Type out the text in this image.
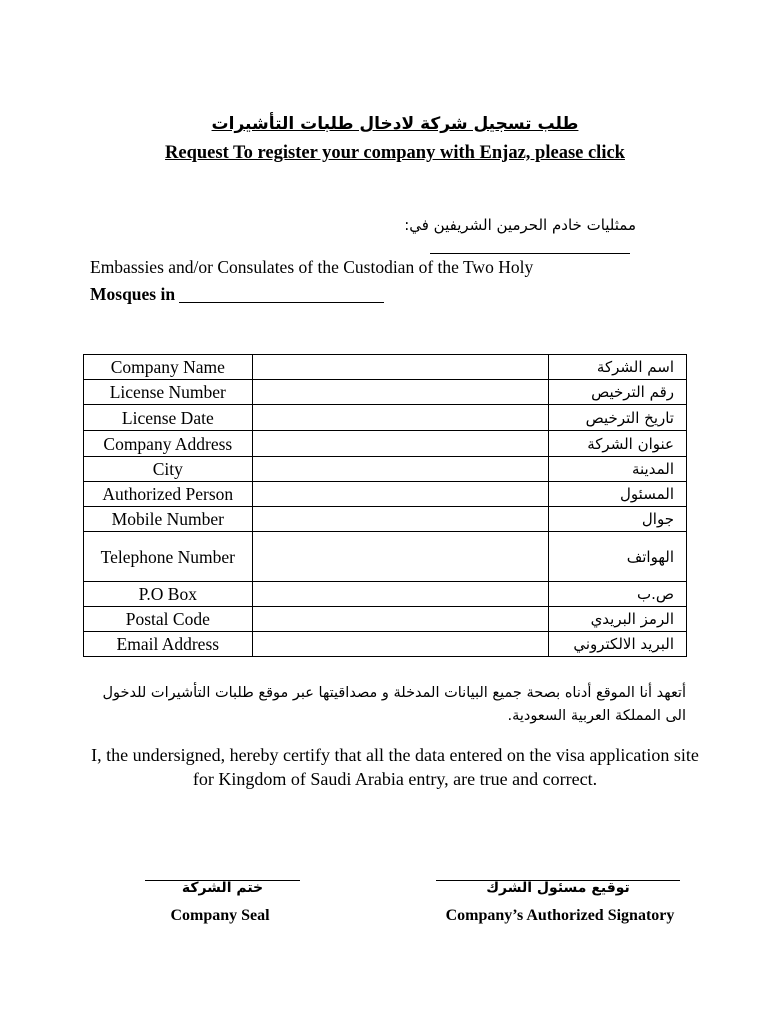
طلب تسجيل شركة لادخال طلبات التأشيرات
Request To register your company with Enjaz, please click
ممثليات خادم الحرمين الشريفين في:
Embassies and/or Consulates of the Custodian of the Two Holy
Mosques in
Company Name		اسم الشركة
License Number		رقم الترخيص
License Date		تاريخ الترخيص
Company Address		عنوان الشركة
City		المدينة
Authorized Person		المسئول
Mobile Number		جوال
Telephone Number		الهواتف
P.O Box		ص.ب
Postal Code		الرمز البريدي
Email Address		البريد الالكتروني
أتعهد أنا الموقع أدناه بصحة جميع البيانات المدخلة و مصداقيتها عبر موقع طلبات التأشيرات للدخول الى المملكة العربية السعودية.
I, the undersigned, hereby certify that all the data entered on the visa application site for Kingdom of Saudi Arabia entry, are true and correct.
ختم الشركة	توقيع مسئول الشرك
Company Seal	Company’s Authorized Signatory
